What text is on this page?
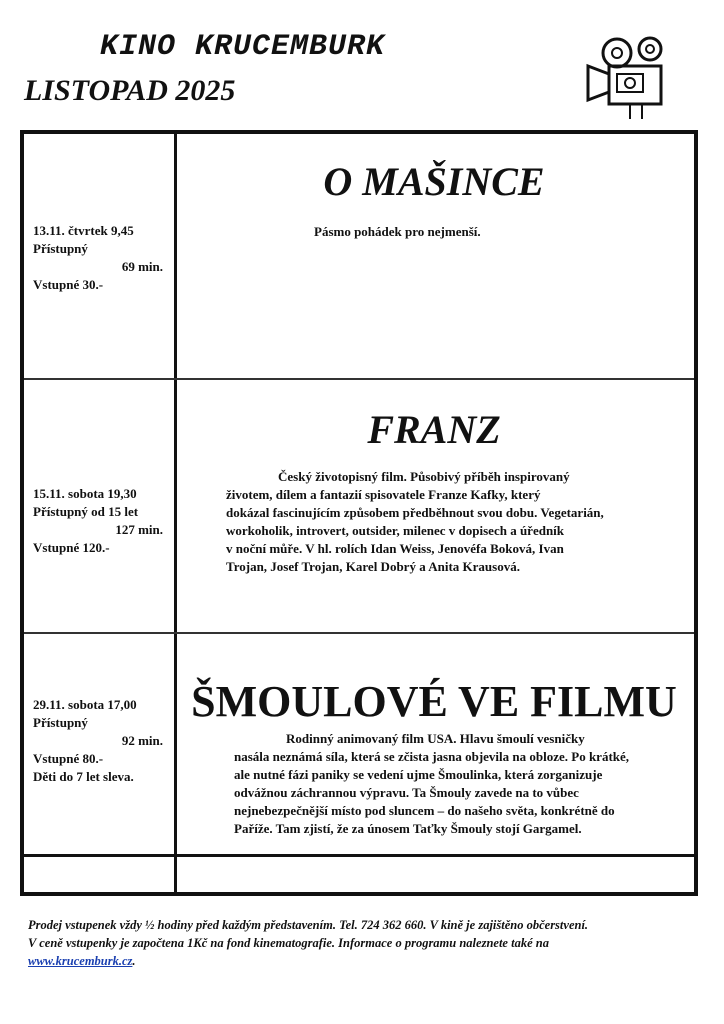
KINO KRUCEMBURK
LISTOPAD 2025
O MAŠINCE
13.11. čtvrtek 9,45
Přístupný
69 min.
Vstupné 30.-
Pásmo pohádek pro nejmenší.
FRANZ
15.11. sobota 19,30
Přístupný od 15 let
127 min.
Vstupné 120.-
Český životopisný film. Působivý příběh inspirovaný
životem, dílem a fantazií spisovatele Franze Kafky, který
dokázal fascinujícím způsobem předběhnout svou dobu. Vegetarián,
workoholik, introvert, outsider, milenec v dopisech a úředník
v noční můře. V hl. rolích Idan Weiss, Jenovéfa Boková, Ivan
Trojan, Josef Trojan, Karel Dobrý a Anita Krausová.
ŠMOULOVÉ VE FILMU
29.11. sobota 17,00
Přístupný
92 min.
Vstupné 80.-
Děti do 7 let sleva.
Rodinný animovaný film USA. Hlavu šmoulí vesničky
nasála neznámá síla, která se zčista jasna objevila na obloze. Po krátké,
ale nutné fázi paniky se vedení ujme Šmoulinka, která zorganizuje
odvážnou záchrannou výpravu. Ta Šmouly zavede na to vůbec
nejnebezpečnější místo pod sluncem – do našeho světa, konkrétně do
Paříže. Tam zjistí, že za únosem Taťky Šmouly stojí Gargamel.
Prodej vstupenek vždy ½ hodiny před každým představením. Tel. 724 362 660. V kině je zajištěno občerstvení.
V ceně vstupenky je započtena 1Kč na fond kinematografie. Informace o programu naleznete také na
www.krucemburk.cz.
